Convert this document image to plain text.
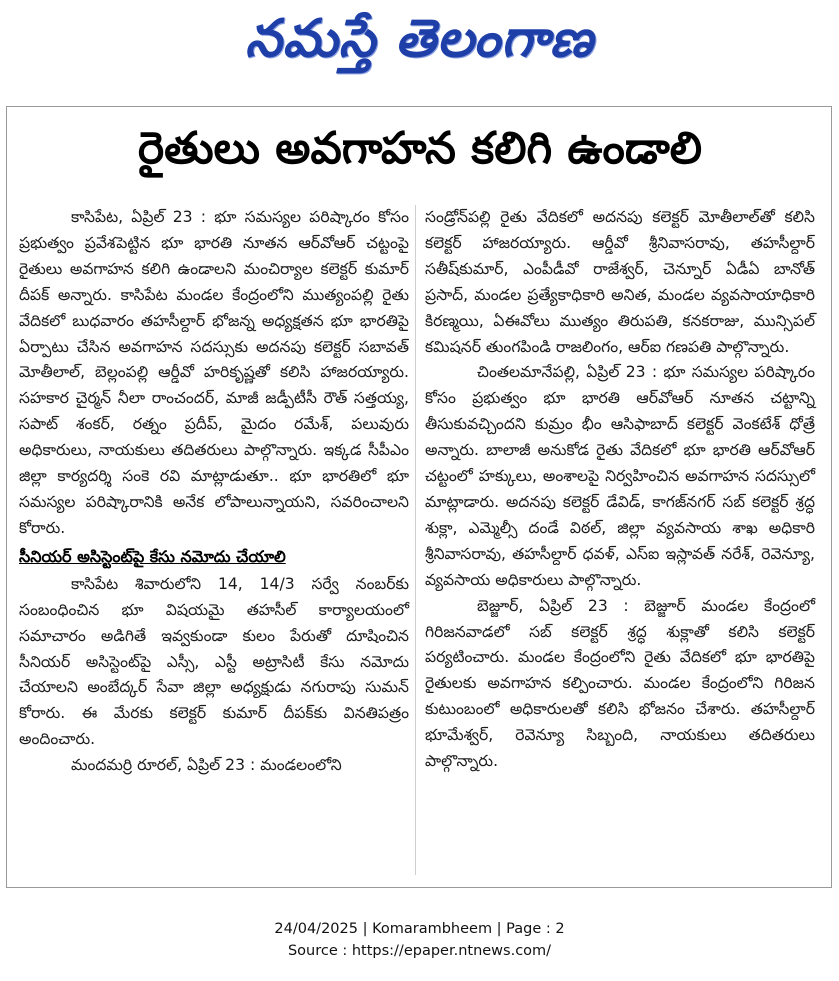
నమస్తే తెలంగాణ
రైతులు అవగాహన కలిగి ఉండాలి

కాసిపేట, ఏప్రిల్ 23 : భూ సమస్యల పరిష్కారం కోసం ప్రభుత్వం ప్రవేశపెట్టిన భూ భారతి నూతన ఆర్‌వోఆర్ చట్టంపై రైతులు అవగాహన కలిగి ఉండాలని మంచిర్యాల కలెక్టర్ కుమార్ దీపక్ అన్నారు. కాసిపేట మండల కేంద్రంలోని ముత్యంపల్లి రైతు వేదికలో బుధవారం తహసీల్దార్ భోజన్న అధ్యక్షతన భూ భారతిపై ఏర్పాటు చేసిన అవగాహన సదస్సుకు అదనపు కలెక్టర్ సబావత్ మోతీలాల్, బెల్లంపల్లి ఆర్డీవో హరికృష్ణతో కలిసి హాజరయ్యారు. సహకార చైర్మన్ నీలా రాంచందర్, మాజీ జడ్పీటీసీ రౌత్ సత్తయ్య, సపాట్ శంకర్, రత్నం ప్రదీప్, మైదం రమేశ్, పలువురు అధికారులు, నాయకులు తదితరులు పాల్గొన్నారు. ఇక్కడ సీపీఎం జిల్లా కార్యదర్శి సంకె రవి మాట్లాడుతూ.. భూ భారతిలో భూ సమస్యల పరిష్కారానికి అనేక లోపాలున్నాయని, సవరించాలని కోరారు.

సీనియర్ అసిస్టెంట్‌పై కేసు నమోదు చేయాలి

కాసిపేట శివారులోని 14, 14/3 సర్వే నంబర్‌కు సంబంధించిన భూ విషయమై తహసీల్ కార్యాలయంలో సమాచారం అడిగితే ఇవ్వకుండా కులం పేరుతో దూషించిన సీనియర్ అసిస్టెంట్‌పై ఎస్సీ, ఎస్టీ అట్రాసిటీ కేసు నమోదు చేయాలని అంబేద్కర్ సేవా జిల్లా అధ్యక్షుడు నగురాపు సుమన్ కోరారు. ఈ మేరకు కలెక్టర్ కుమార్ దీపక్‌కు వినతిపత్రం అందించారు.

మందమర్రి రూరల్, ఏప్రిల్ 23 : మండలంలోని

సండ్రోన్‌పల్లి రైతు వేదికలో అదనపు కలెక్టర్ మోతీలాల్‌తో కలిసి కలెక్టర్ హాజరయ్యారు. ఆర్డీవో శ్రీనివాసరావు, తహసీల్దార్ సతీష్‌కుమార్, ఎంపీడీవో రాజేశ్వర్, చెన్నూర్ ఏడీఏ బానోత్ ప్రసాద్, మండల ప్రత్యేకాధికారి అనిత, మండల వ్యవసాయాధికారి కిరణ్మయి, ఏఈవోలు ముత్యం తిరుపతి, కనకరాజు, మున్సిపల్ కమిషనర్ తుంగపిండి రాజలింగం, ఆర్‌ఐ గణపతి పాల్గొన్నారు.

చింతలమానేపల్లి, ఏప్రిల్ 23 : భూ సమస్యల పరిష్కారం కోసం ప్రభుత్వం భూ భారతి ఆర్‌వోఆర్ నూతన చట్టాన్ని తీసుకువచ్చిందని కుమ్రం భీం ఆసిఫాబాద్ కలెక్టర్ వెంకటేశ్ ధోత్రే అన్నారు. బాలాజీ అనుకోడ రైతు వేదికలో భూ భారతి ఆర్‌వోఆర్ చట్టంలో హక్కులు, అంశాలపై నిర్వహించిన అవగాహన సదస్సులో మాట్లాడారు. అదనపు కలెక్టర్ డేవిడ్, కాగజ్‌నగర్ సబ్ కలెక్టర్ శ్రద్ధ శుక్లా, ఎమ్మెల్సీ దండే విఠల్, జిల్లా వ్యవసాయ శాఖ అధికారి శ్రీనివాసరావు, తహసీల్దార్ ధవళ్, ఎస్‌ఐ ఇస్లావత్ నరేశ్, రెవెన్యూ, వ్యవసాయ అధికారులు పాల్గొన్నారు.

బెజ్జూర్, ఏప్రిల్ 23 : బెజ్జూర్ మండల కేంద్రంలో గిరిజనవాడలో సబ్ కలెక్టర్ శ్రద్ధ శుక్లాతో కలిసి కలెక్టర్ పర్యటించారు. మండల కేంద్రంలోని రైతు వేదికలో భూ భారతిపై రైతులకు అవగాహన కల్పించారు. మండల కేంద్రంలోని గిరిజన కుటుంబంలో అధికారులతో కలిసి భోజనం చేశారు. తహసీల్దార్ భూమేశ్వర్, రెవెన్యూ సిబ్బంది, నాయకులు తదితరులు పాల్గొన్నారు.

24/04/2025 | Komarambheem | Page : 2
Source : https://epaper.ntnews.com/
